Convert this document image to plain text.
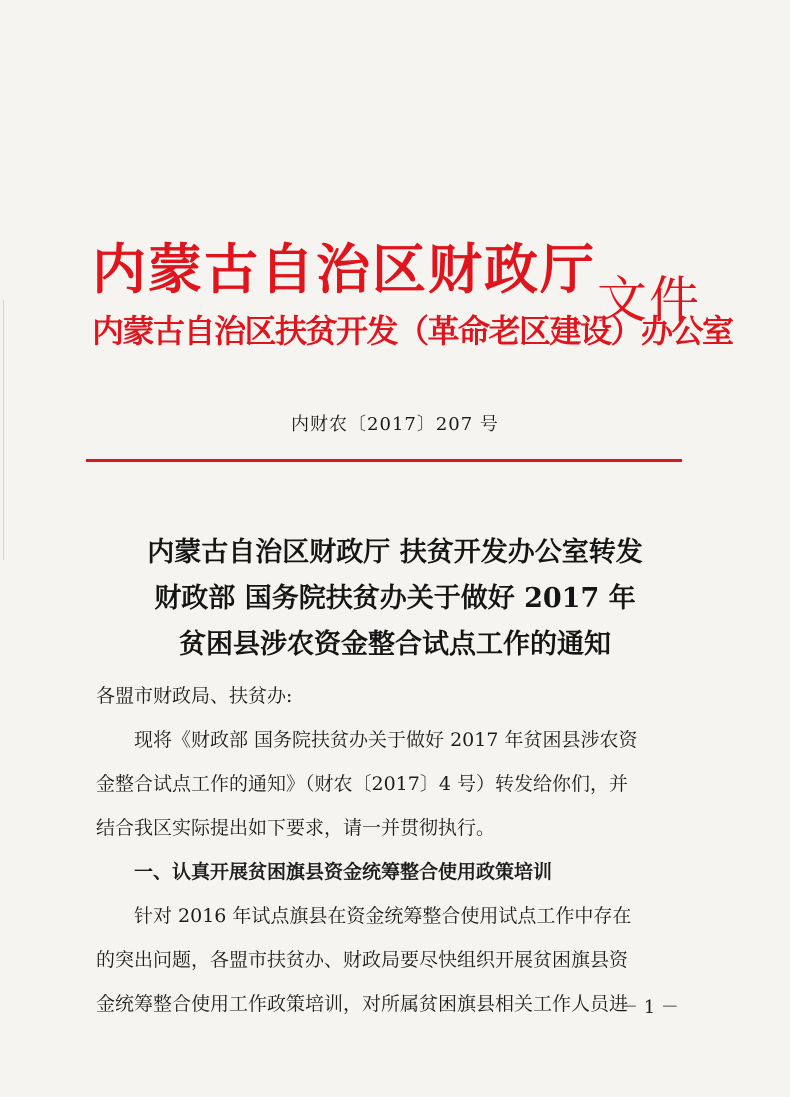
内蒙古自治区财政厅
内蒙古自治区扶贫开发（革命老区建设）办公室
文件
内财农〔2017〕207 号
内蒙古自治区财政厅 扶贫开发办公室转发
财政部 国务院扶贫办关于做好 2017 年
贫困县涉农资金整合试点工作的通知

各盟市财政局、扶贫办:

现将《财政部 国务院扶贫办关于做好 2017 年贫困县涉农资

金整合试点工作的通知》（财农〔2017〕4 号）转发给你们，并

结合我区实际提出如下要求，请一并贯彻执行。

一、认真开展贫困旗县资金统筹整合使用政策培训

针对 2016 年试点旗县在资金统筹整合使用试点工作中存在

的突出问题，各盟市扶贫办、财政局要尽快组织开展贫困旗县资

金统筹整合使用工作政策培训，对所属贫困旗县相关工作人员进

－ 1 －
